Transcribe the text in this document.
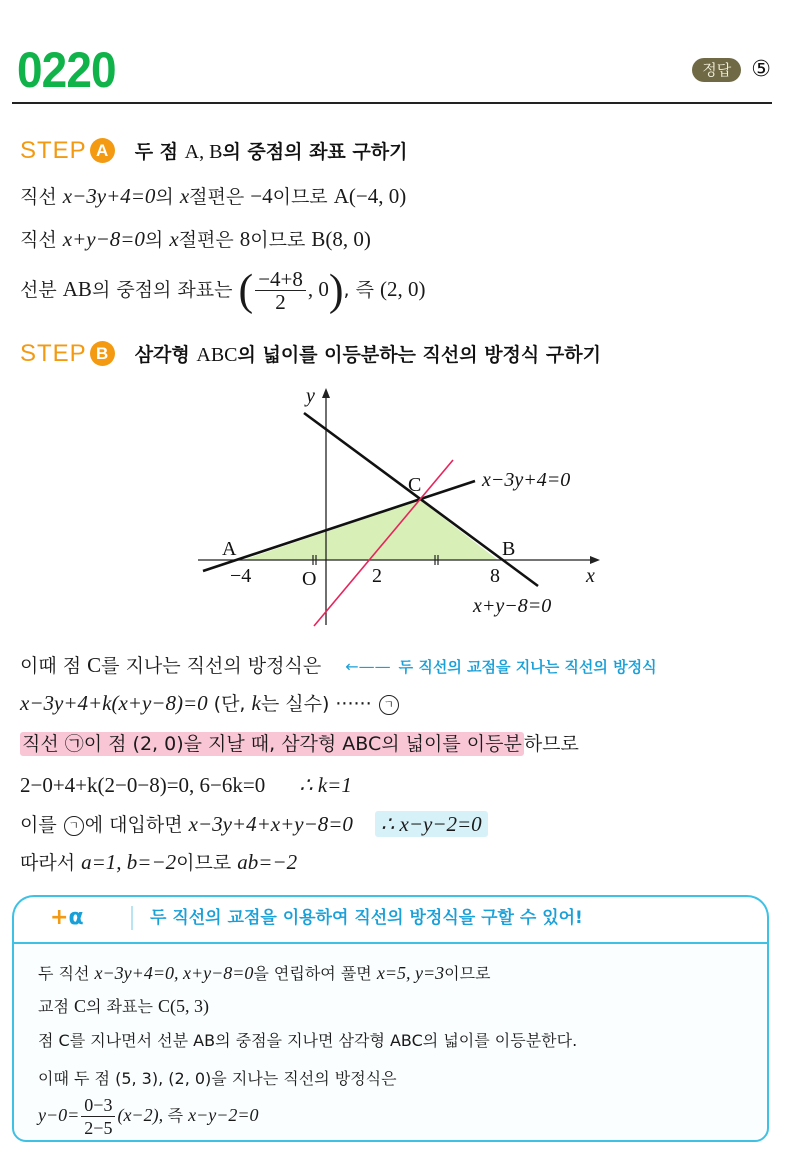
0220	정답 ⑤
STEP A	두 점 A, B의 중점의 좌표 구하기
직선 x−3y+4=0의 x절편은 −4이므로 A(−4, 0)
직선 x+y−8=0의 x절편은 8이므로 B(8, 0)
선분 AB의 중점의 좌표는 ( $\frac{-4+8}{2}$ , 0), 즉 (2, 0)
STEP B	삼각형 ABC의 넓이를 이등분하는 직선의 방정식 구하기
y
x
O
A	B
C
−4	2	8
x−3y+4=0
x+y−8=0
이때 점 C를 지나는 직선의 방정식은 ←—— 두 직선의 교점을 지나는 직선의 방정식
x−3y+4+k(x+y−8)=0 (단, k는 실수) ······ ㄱ
직선 ㉠이 점 (2, 0)을 지날 때, 삼각형 ABC의 넓이를 이등분 하므로
2−0+4+k(2−0−8)=0, 6−6k=0 ∴ k=1
이를 ㄱ 에 대입하면 x−3y+4+x+y−8=0 ∴ x−y−2=0
따라서 a=1, b=−2이므로 ab=−2
+α	두 직선의 교점을 이용하여 직선의 방정식을 구할 수 있어!
두 직선 x−3y+4=0, x+y−8=0을 연립하여 풀면 x=5, y=3이므로
교점 C의 좌표는 C(5, 3)
점 C를 지나면서 선분 AB의 중점을 지나면 삼각형 ABC의 넓이를 이등분한다.
이때 두 점 (5, 3), (2, 0)을 지나는 직선의 방정식은
$y-0= \frac{0-3}{2-5} (x-2)$, 즉 x−y−2=0
